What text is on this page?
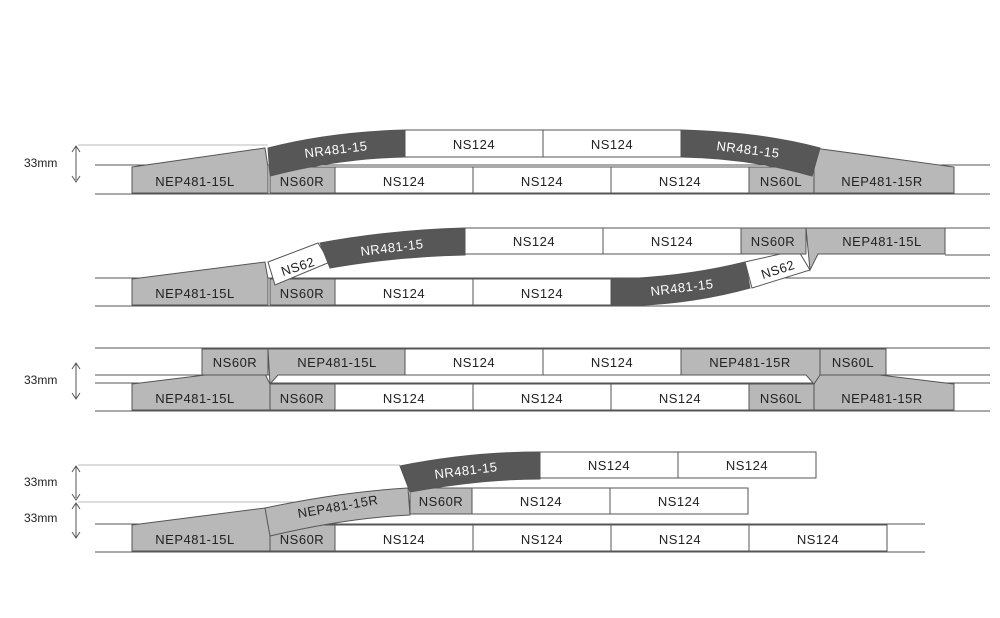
33mm
NEP481-15L	NS60R	NS124	NS124	NS124	NS60L	NEP481-15R
NR481-15	NS124	NS124	NR481-15
NEP481-15L	NS60R	NS124	NS124	NR481-15
NS62
NS62
NR481-15	NS124	NS124	NS60R	NEP481-15L
33mm
NEP481-15L	NS60R	NS124	NS124	NS124	NS60L	NEP481-15R
NS60R	NEP481-15L	NS124	NS124	NEP481-15R	NS60L
33mm
33mm
NEP481-15L	NS60R	NS124	NS124	NS124	NS124
NEP481-15R	NS60R	NS124	NS124
NR481-15	NS124	NS124
